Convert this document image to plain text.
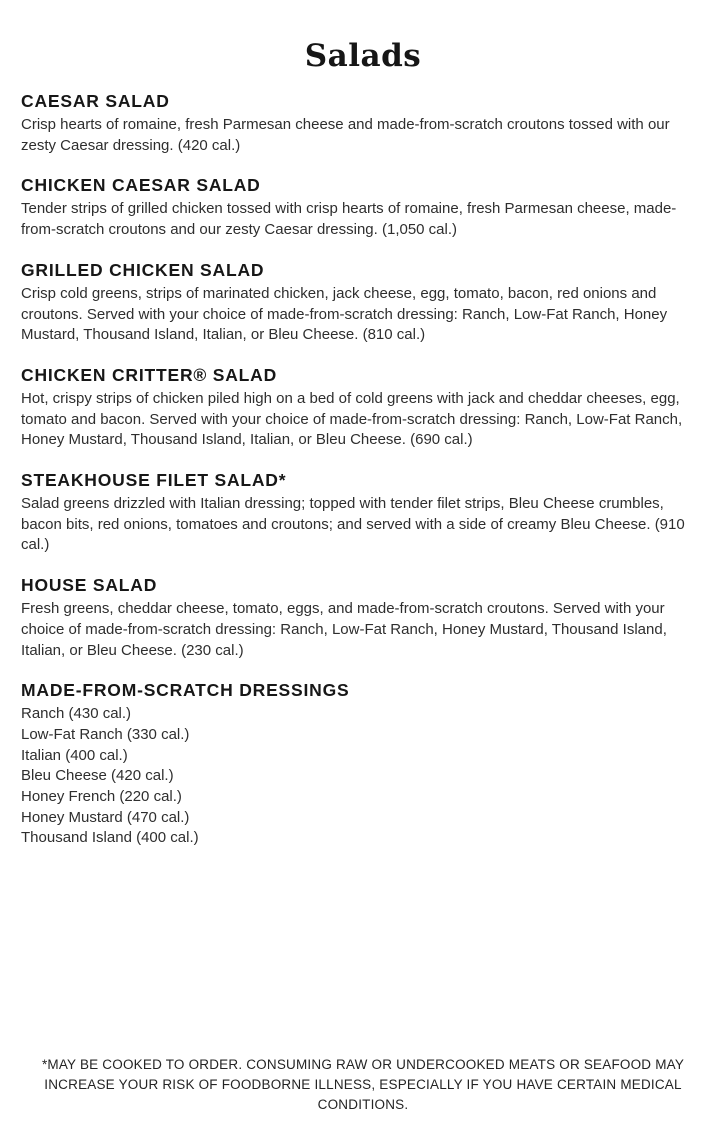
Salads
CAESAR SALAD
Crisp hearts of romaine, fresh Parmesan cheese and made-from-scratch croutons tossed with our zesty Caesar dressing. (420 cal.)
CHICKEN CAESAR SALAD
Tender strips of grilled chicken tossed with crisp hearts of romaine, fresh Parmesan cheese, made-from-scratch croutons and our zesty Caesar dressing. (1,050 cal.)
GRILLED CHICKEN SALAD
Crisp cold greens, strips of marinated chicken, jack cheese, egg, tomato, bacon, red onions and croutons. Served with your choice of made-from-scratch dressing: Ranch, Low-Fat Ranch, Honey Mustard, Thousand Island, Italian, or Bleu Cheese. (810 cal.)
CHICKEN CRITTER® SALAD
Hot, crispy strips of chicken piled high on a bed of cold greens with jack and cheddar cheeses, egg, tomato and bacon. Served with your choice of made-from-scratch dressing: Ranch, Low-Fat Ranch, Honey Mustard, Thousand Island, Italian, or Bleu Cheese. (690 cal.)
STEAKHOUSE FILET SALAD*
Salad greens drizzled with Italian dressing; topped with tender filet strips, Bleu Cheese crumbles, bacon bits, red onions, tomatoes and croutons; and served with a side of creamy Bleu Cheese. (910 cal.)
HOUSE SALAD
Fresh greens, cheddar cheese, tomato, eggs, and made-from-scratch croutons. Served with your choice of made-from-scratch dressing: Ranch, Low-Fat Ranch, Honey Mustard, Thousand Island, Italian, or Bleu Cheese. (230 cal.)
MADE-FROM-SCRATCH DRESSINGS
Ranch (430 cal.)
Low-Fat Ranch (330 cal.)
Italian (400 cal.)
Bleu Cheese (420 cal.)
Honey French (220 cal.)
Honey Mustard (470 cal.)
Thousand Island (400 cal.)
*MAY BE COOKED TO ORDER. CONSUMING RAW OR UNDERCOOKED MEATS OR SEAFOOD MAY INCREASE YOUR RISK OF FOODBORNE ILLNESS, ESPECIALLY IF YOU HAVE CERTAIN MEDICAL CONDITIONS.
